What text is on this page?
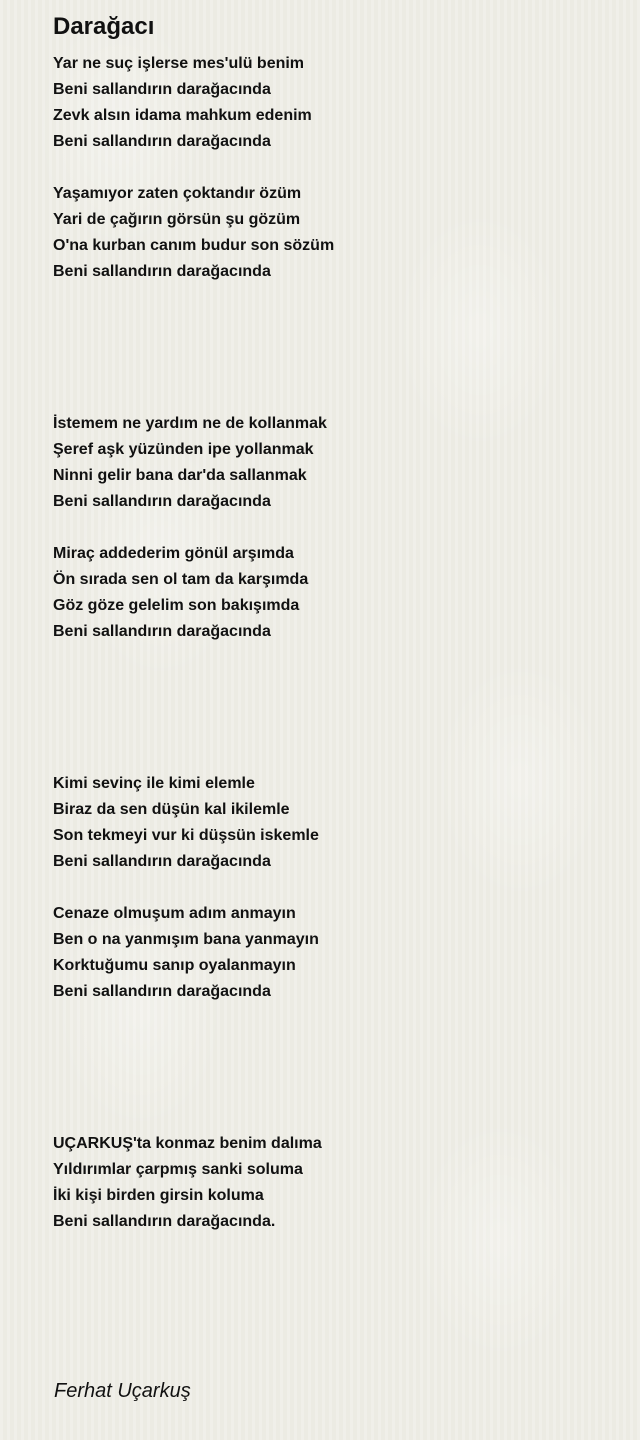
Darağacı
Yar ne suç işlerse mes'ulü benim
Beni sallandırın darağacında
Zevk alsın idama mahkum edenim
Beni sallandırın darağacında
Yaşamıyor zaten çoktandır özüm
Yari de çağırın görsün şu gözüm
O'na kurban canım budur son sözüm
Beni sallandırın darağacında
İstemem ne yardım ne de kollanmak
Şeref aşk yüzünden ipe yollanmak
Ninni gelir bana dar'da sallanmak
Beni sallandırın darağacında
Miraç addederim gönül arşımda
Ön sırada sen ol tam da karşımda
Göz göze gelelim son bakışımda
Beni sallandırın darağacında
Kimi sevinç ile kimi elemle
Biraz da sen düşün kal ikilemle
Son tekmeyi vur ki düşsün iskemle
Beni sallandırın darağacında
Cenaze olmuşum adım anmayın
Ben o na yanmışım bana yanmayın
Korktuğumu sanıp oyalanmayın
Beni sallandırın darağacında
UÇARKUŞ'ta konmaz benim dalıma
Yıldırımlar çarpmış sanki soluma
İki kişi birden girsin koluma
Beni sallandırın darağacında.
Ferhat Uçarkuş
